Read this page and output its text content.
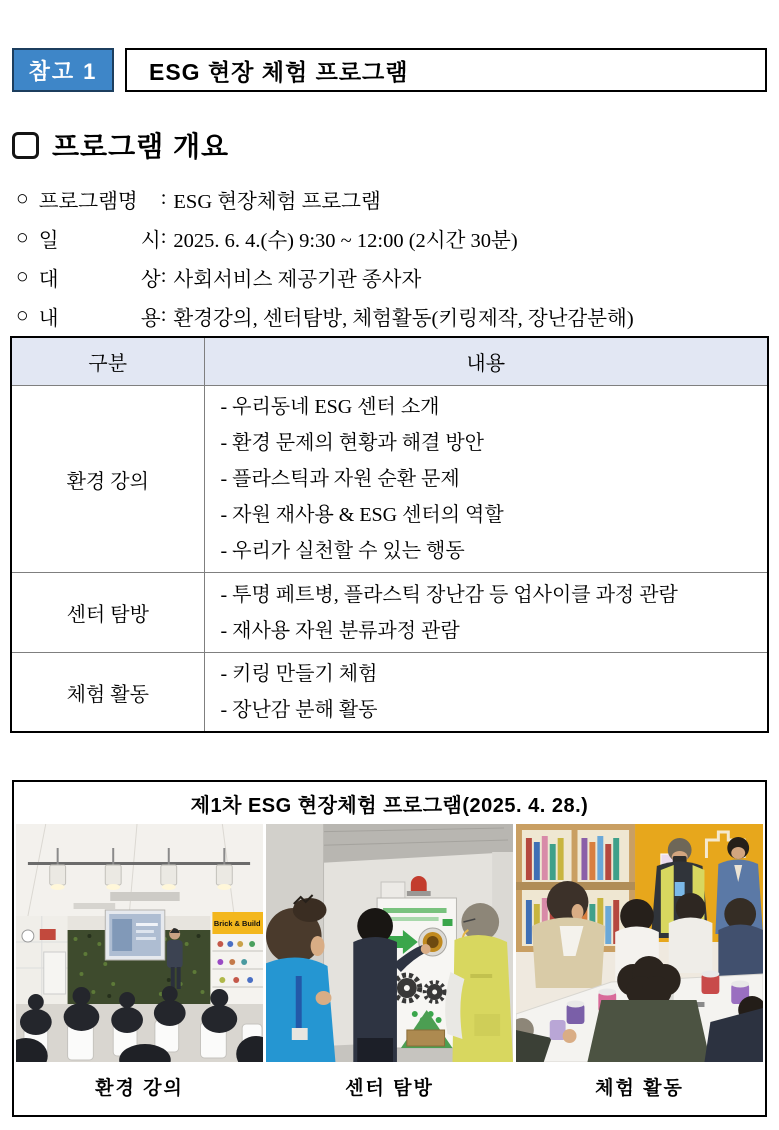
참고 1	ESG 현장 체험 프로그램
프로그램 개요
○ 프로그램명	: ESG 현장체험 프로그램
○ 일 시 : 2025. 6. 4.(수) 9:30 ~ 12:00 (2시간 30분)
○ 대 상 : 사회서비스 제공기관 종사자
○ 내 용 : 환경강의, 센터탐방, 체험활동(키링제작, 장난감분해)
구분	내용
환경 강의	- 우리동네 ESG 센터 소개
- 환경 문제의 현황과 해결 방안
- 플라스틱과 자원 순환 문제
- 자원 재사용 & ESG 센터의 역할
- 우리가 실천할 수 있는 행동

센터 탐방	- 투명 페트병, 플라스틱 장난감 등 업사이클 과정 관람
- 재사용 자원 분류과정 관람

체험 활동	- 키링 만들기 체험
- 장난감 분해 활동
제1차 ESG 현장체험 프로그램(2025. 4. 28.)
Brick & Build
환경 강의	센터 탐방	체험 활동
